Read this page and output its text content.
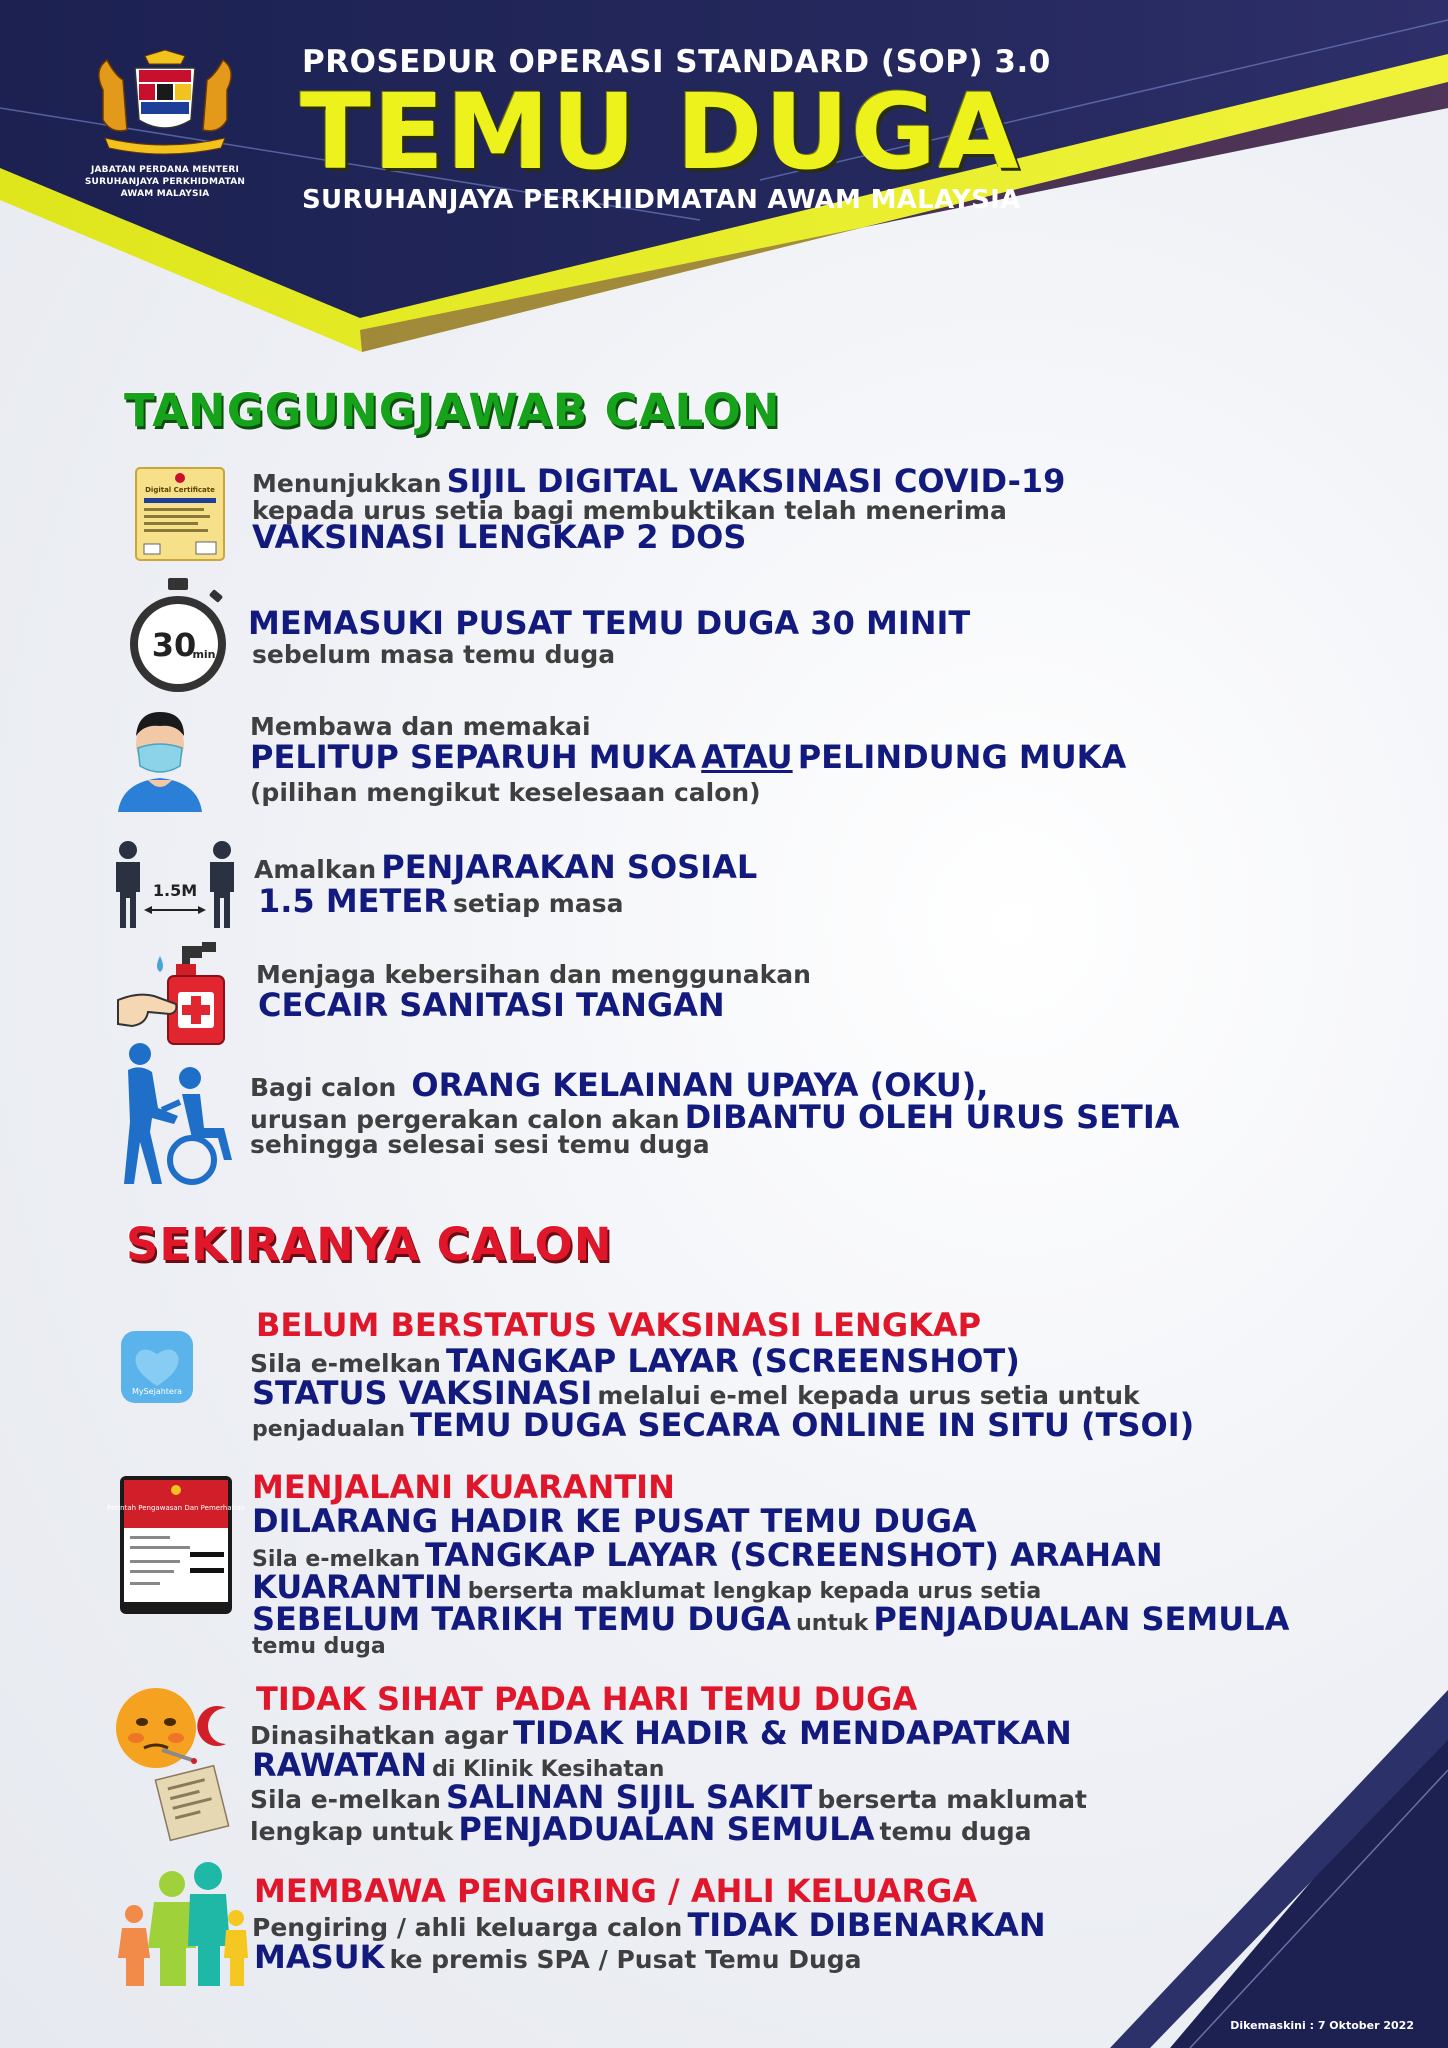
JABATAN PERDANA MENTERI
SURUHANJAYA PERKHIDMATAN AWAM MALAYSIA
PROSEDUR OPERASI STANDARD (SOP) 3.0
TEMU DUGA
SURUHANJAYA PERKHIDMATAN AWAM MALAYSIA
TANGGUNGJAWAB CALON
Digital Certificate Menunjukkan SIJIL DIGITAL VAKSINASI COVID-19
kepada urus setia bagi membuktikan telah menerima
VAKSINASI LENGKAP 2 DOS
30
min
MEMASUKI PUSAT TEMU DUGA 30 MINIT
sebelum masa temu duga
Membawa dan memakai
PELITUP SEPARUH MUKA ATAU PELINDUNG MUKA
(pilihan mengikut keselesaan calon)
1.5M
Amalkan PENJARAKAN SOSIAL
1.5 METER setiap masa
Menjaga kebersihan dan menggunakan
CECAIR SANITASI TANGAN
Bagi calon ORANG KELAINAN UPAYA (OKU),
urusan pergerakan calon akan DIBANTU OLEH URUS SETIA
sehingga selesai sesi temu duga
SEKIRANYA CALON
MySejahtera
BELUM BERSTATUS VAKSINASI LENGKAP
Sila e-melkan TANGKAP LAYAR (SCREENSHOT)
STATUS VAKSINASI melalui e-mel kepada urus setia untuk
penjadualan TEMU DUGA SECARA ONLINE IN SITU (TSOI)
Perintah Pengawasan Dan Pemerhatian
MENJALANI KUARANTIN
DILARANG HADIR KE PUSAT TEMU DUGA
Sila e-melkan TANGKAP LAYAR (SCREENSHOT) ARAHAN
KUARANTIN berserta maklumat lengkap kepada urus setia
SEBELUM TARIKH TEMU DUGA untuk PENJADUALAN SEMULA
temu duga
TIDAK SIHAT PADA HARI TEMU DUGA
Dinasihatkan agar TIDAK HADIR & MENDAPATKAN
RAWATAN di Klinik Kesihatan
Sila e-melkan SALINAN SIJIL SAKIT berserta maklumat
lengkap untuk PENJADUALAN SEMULA temu duga
MEMBAWA PENGIRING / AHLI KELUARGA
Pengiring / ahli keluarga calon TIDAK DIBENARKAN
MASUK ke premis SPA / Pusat Temu Duga
Dikemaskini : 7 Oktober 2022
